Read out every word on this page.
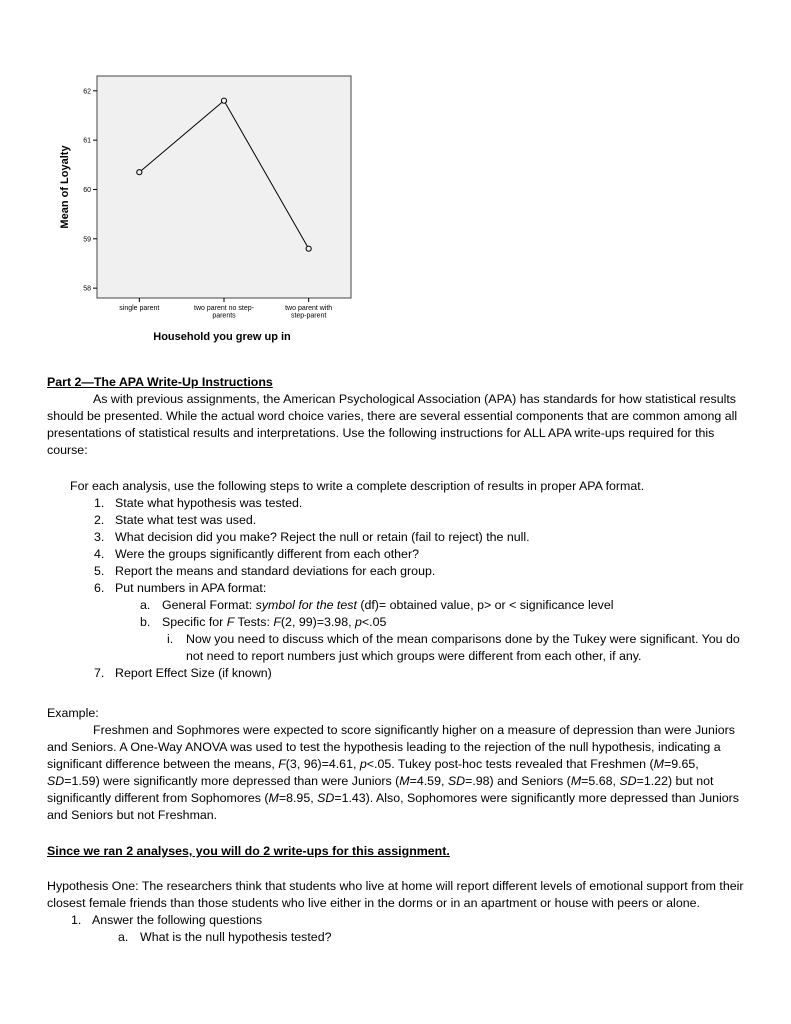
58
59
60
61
62
single parent	two parent no step-parents
two parent with step-parent
Mean of Loyalty
Household you grew up in

Part 2—The APA Write-Up Instructions

As with previous assignments, the American Psychological Association (APA) has standards for how statistical results should be presented. While the actual word choice varies, there are several essential components that are common among all presentations of statistical results and interpretations. Use the following instructions for ALL APA write-ups required for this course:

For each analysis, use the following steps to write a complete description of results in proper APA format.

1. State what hypothesis was tested.

2. State what test was used.

3. What decision did you make? Reject the null or retain (fail to reject) the null.

4. Were the groups significantly different from each other?

5. Report the means and standard deviations for each group.

6. Put numbers in APA format:

a. General Format: symbol for the test (df)= obtained value, p> or < significance level

b. Specific for F Tests: F(2, 99)=3.98, p<.05

i. Now you need to discuss which of the mean comparisons done by the Tukey were significant. You do not need to report numbers just which groups were different from each other, if any.

7. Report Effect Size (if known)

Example:

Freshmen and Sophmores were expected to score significantly higher on a measure of depression than were Juniors and Seniors. A One-Way ANOVA was used to test the hypothesis leading to the rejection of the null hypothesis, indicating a significant difference between the means, F(3, 96)=4.61, p<.05. Tukey post-hoc tests revealed that Freshmen (M=9.65, SD=1.59) were significantly more depressed than were Juniors (M=4.59, SD=.98) and Seniors (M=5.68, SD=1.22) but not significantly different from Sophomores (M=8.95, SD=1.43). Also, Sophomores were significantly more depressed than Juniors and Seniors but not Freshman.

Since we ran 2 analyses, you will do 2 write-ups for this assignment.

Hypothesis One: The researchers think that students who live at home will report different levels of emotional support from their closest female friends than those students who live either in the dorms or in an apartment or house with peers or alone.

1. Answer the following questions

a. What is the null hypothesis tested?
